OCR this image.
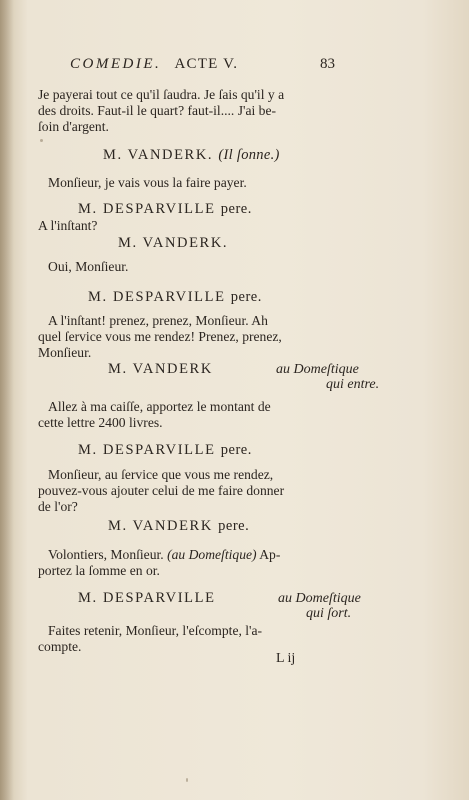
COMEDIE. ACTE V.	83
Je payerai tout ce qu'il ſaudra. Je ſais qu'il y a
des droits. Faut-il le quart? faut-il.... J'ai be-
ſoin d'argent.
M. VANDERK. (Il ſonne.)
Monſieur, je vais vous la faire payer.
M. DESPARVILLE pere.
A l'inſtant?
M. VANDERK.
Oui, Monſieur.
M. DESPARVILLE pere.
A l'inſtant! prenez, prenez, Monſieur. Ah
quel ſervice vous me rendez! Prenez, prenez,
Monſieur.
M. VANDERK	au Domeſtique
qui entre.
Allez à ma caiſſe, apportez le montant de
cette lettre 2400 livres.
M. DESPARVILLE pere.
Monſieur, au ſervice que vous me rendez,
pouvez-vous ajouter celui de me faire donner
de l'or?
M. VANDERK pere.
Volontiers, Monſieur. (au Domeſtique) Ap-
portez la ſomme en or.
M. DESPARVILLE	au Domeſtique
qui ſort.
Faites retenir, Monſieur, l'eſcompte, l'a-
compte.
L ij
